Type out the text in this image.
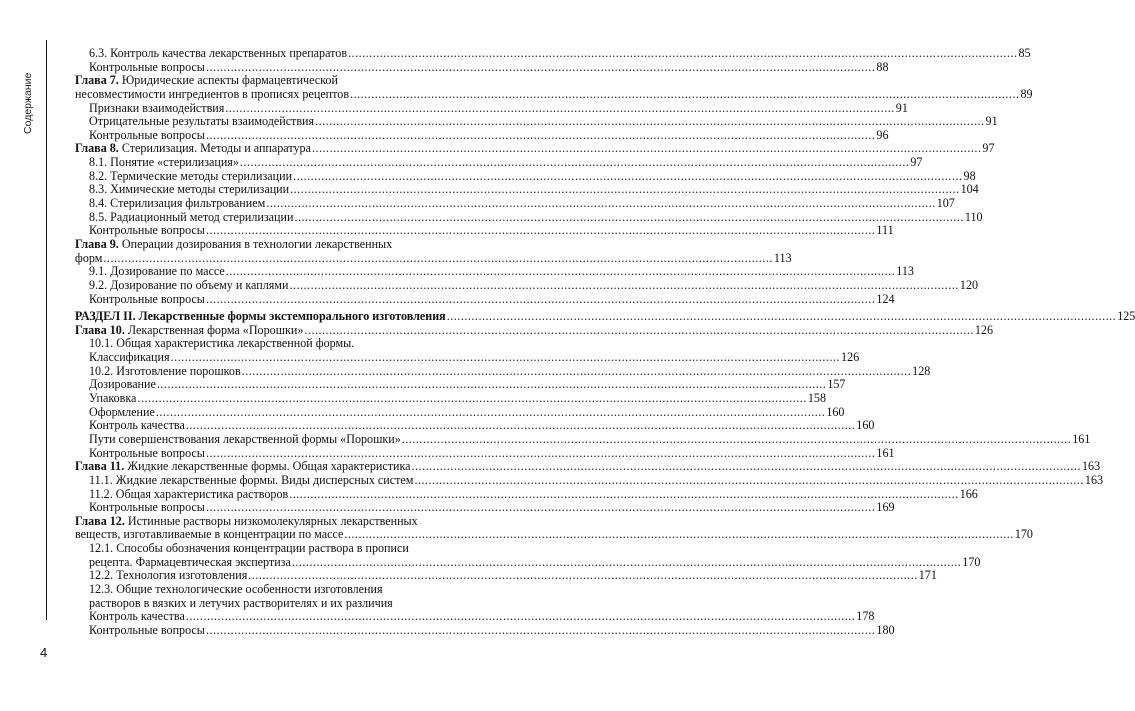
Содержание
6.3. Контроль качества лекарственных препаратов .....	85
Контрольные вопросы .....	88
Глава 7. Юридические аспекты фармацевтической
несовместимости ингредиентов в прописях рецептов .....	89
Признаки взаимодействия .....	91
Отрицательные результаты взаимодействия .....	91
Контрольные вопросы .....	96
Глава 8. Стерилизация. Методы и аппаратура .....	97
8.1. Понятие «стерилизация» .....	97
8.2. Термические методы стерилизации .....	98
8.3. Химические методы стерилизации .....	104
8.4. Стерилизация фильтрованием .....	107
8.5. Радиационный метод стерилизации .....	110
Контрольные вопросы .....	111
Глава 9. Операции дозирования в технологии лекарственных
форм .....	113
9.1. Дозирование по массе .....	113
9.2. Дозирование по объему и каплями .....	120
Контрольные вопросы .....	124
РАЗДЕЛ II. Лекарственные формы экстемпорального изготовления .....	125
Глава 10. Лекарственная форма «Порошки» .....	126
10.1. Общая характеристика лекарственной формы.
Классификация .....	126
10.2. Изготовление порошков .....	128
Дозирование .....	157
Упаковка .....	158
Оформление .....	160
Контроль качества .....	160
Пути совершенствования лекарственной формы «Порошки» .....	161
Контрольные вопросы .....	161
Глава 11. Жидкие лекарственные формы. Общая характеристика .....	163
11.1. Жидкие лекарственные формы. Виды дисперсных систем .....	163
11.2. Общая характеристика растворов .....	166
Контрольные вопросы .....	169
Глава 12. Истинные растворы низкомолекулярных лекарственных
веществ, изготавливаемые в концентрации по массе .....	170
12.1. Способы обозначения концентрации раствора в прописи
рецепта. Фармацевтическая экспертиза .....	170
12.2. Технология изготовления .....	171
12.3. Общие технологические особенности изготовления
растворов в вязких и летучих растворителях и их различия
Контроль качества .....	178
Контрольные вопросы .....	180
4
